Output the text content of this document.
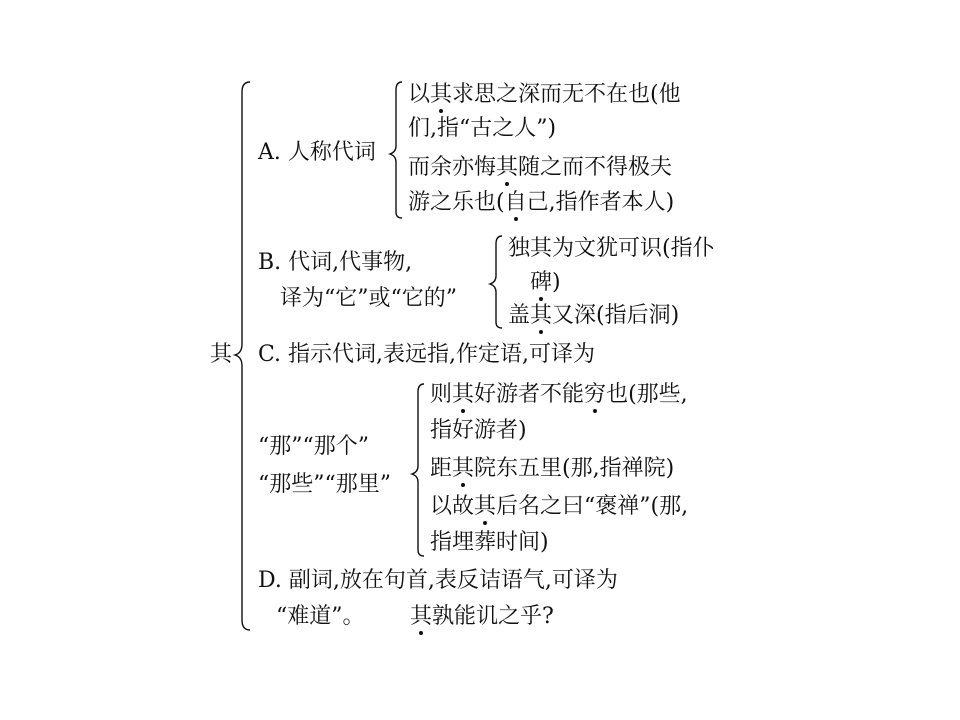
其
A. 人称代词
以其求思之深而无不在也(他
们,指“古之人”)
而余亦悔其随之而不得极夫
游之乐也(自己,指作者本人)
B. 代词,代事物,
译为“它”或“它的”
独其为文犹可识(指仆
碑)
盖其又深(指后洞)
C. 指示代词,表远指,作定语,可译为
“那”“那个”
“那些”“那里”
则其好游者不能穷也(那些,
指好游者)
距其院东五里(那,指禅院)
以故其后名之曰“褒禅”(那,
指埋葬时间)
D. 副词,放在句首,表反诘语气,可译为
“难道”。 其孰能讥之乎?
